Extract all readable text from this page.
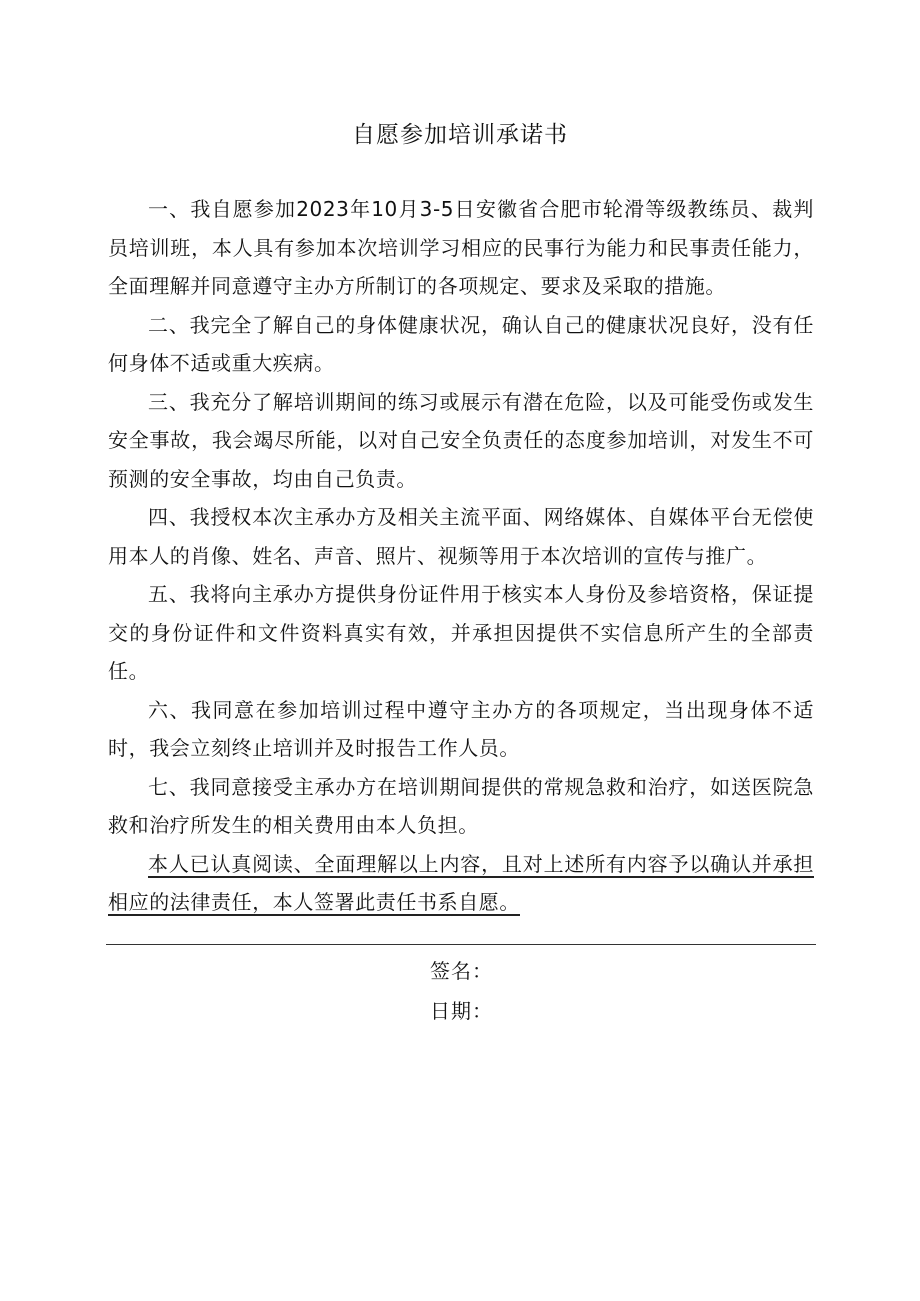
自愿参加培训承诺书

一、我自愿参加2023年10月3-5日安徽省合肥市轮滑等级教练员、裁判员培训班，本人具有参加本次培训学习相应的民事行为能力和民事责任能力，全面理解并同意遵守主办方所制订的各项规定、要求及采取的措施。

二、我完全了解自己的身体健康状况，确认自己的健康状况良好，没有任何身体不适或重大疾病。

三、我充分了解培训期间的练习或展示有潜在危险，以及可能受伤或发生安全事故，我会竭尽所能，以对自己安全负责任的态度参加培训，对发生不可预测的安全事故，均由自己负责。

四、我授权本次主承办方及相关主流平面、网络媒体、自媒体平台无偿使用本人的肖像、姓名、声音、照片、视频等用于本次培训的宣传与推广。

五、我将向主承办方提供身份证件用于核实本人身份及参培资格，保证提交的身份证件和文件资料真实有效，并承担因提供不实信息所产生的全部责任。

六、我同意在参加培训过程中遵守主办方的各项规定，当出现身体不适时，我会立刻终止培训并及时报告工作人员。

七、我同意接受主承办方在培训期间提供的常规急救和治疗，如送医院急救和治疗所发生的相关费用由本人负担。

本人已认真阅读、全面理解以上内容，且对上述所有内容予以确认并承担相应的法律责任，本人签署此责任书系自愿。

签名：
日期：
